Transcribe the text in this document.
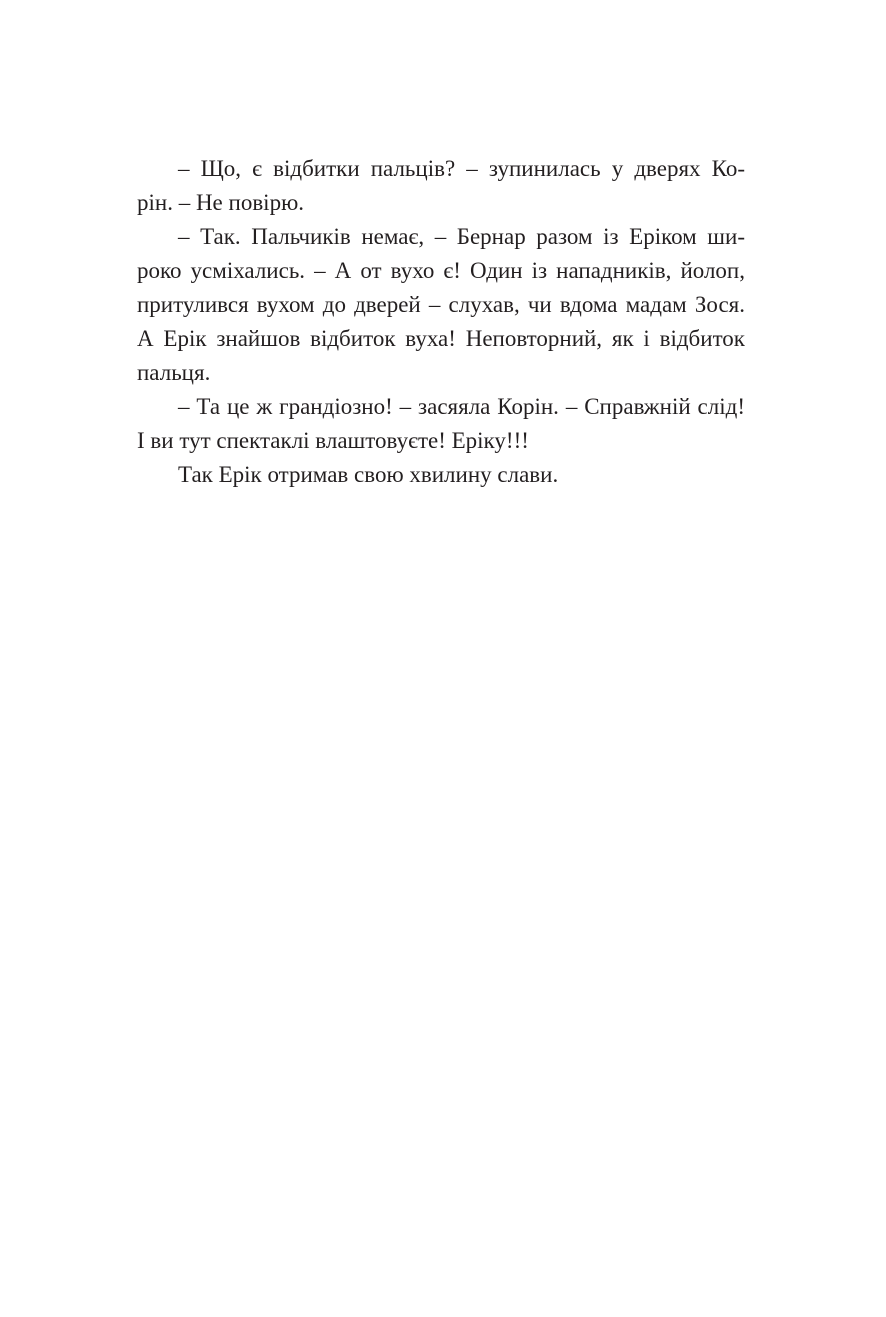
– Що, є відбитки пальців? – зупинилась у дверях Ко-
рін. – Не повірю.
– Так. Пальчиків немає, – Бернар разом із Еріком ши-
роко усміхались. – А от вухо є! Один із нападників, йолоп,
притулився вухом до дверей – слухав, чи вдома мадам Зося.
А Ерік знайшов відбиток вуха! Неповторний, як і відбиток
пальця.
– Та це ж грандіозно! – засяяла Корін. – Справжній слід!
І ви тут спектаклі влаштовуєте! Еріку!!!
Так Ерік отримав свою хвилину слави.
